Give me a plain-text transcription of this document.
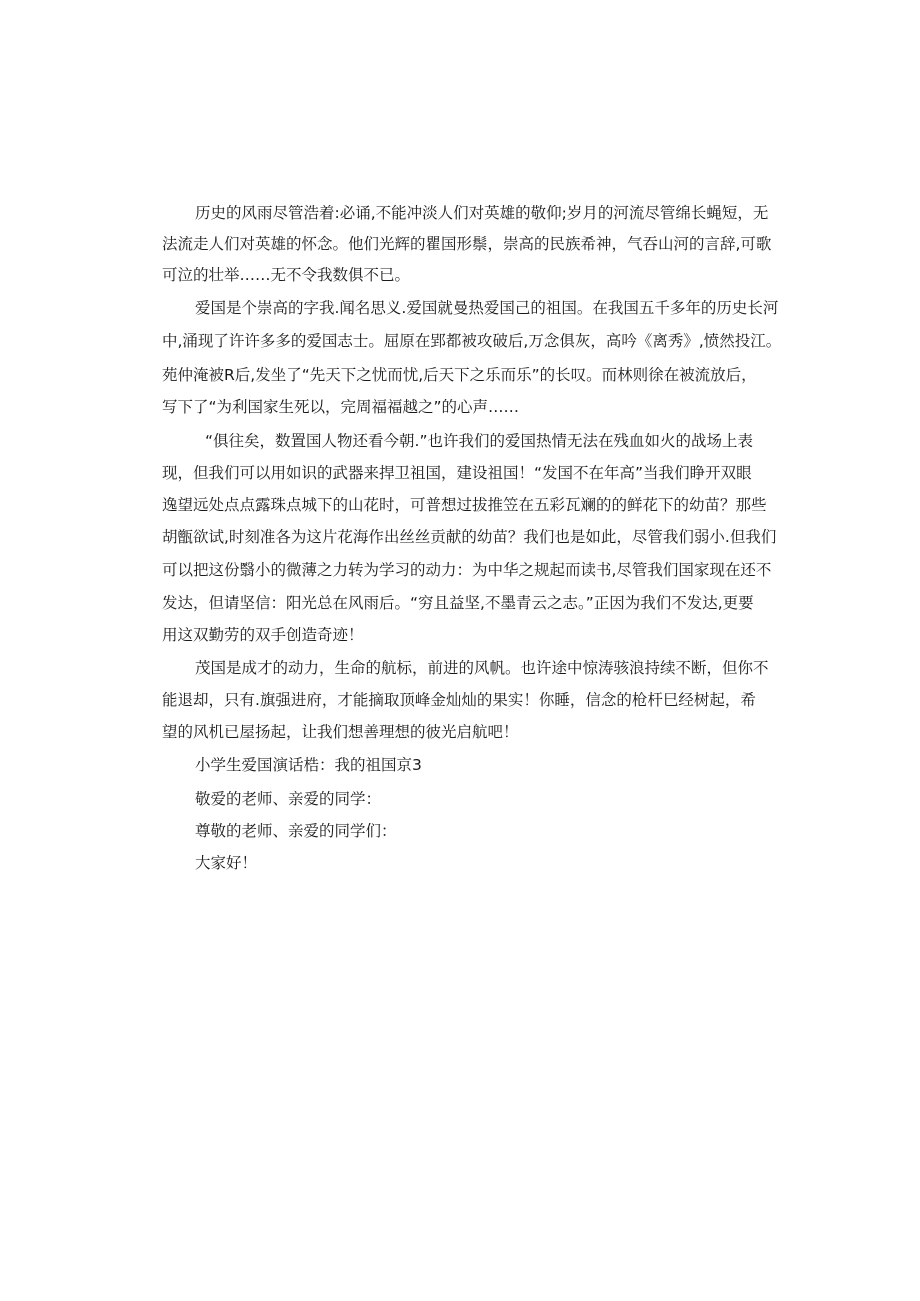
历史的风雨尽管浩着:必诵,不能冲淡人们对英雄的敬仰;岁月的河流尽管绵长蝇短，无
法流走人们对英雄的怀念。他们光辉的瞿国形鬃，崇高的民族希神，气吞山河的言辞,可歌
可泣的壮举……无不令我数俱不已。
爱国是个崇高的字我.闻名思义.爱国就曼热爱国己的祖国。在我国五千多年的历史长河
中,涌现了许许多多的爱国志士。屈原在郢都被攻破后,万念俱灰，高吟《离秀》,愤然投江。
苑仲淹被R后,发坐了“先天下之忧而忧,后天下之乐而乐”的长叹。而林则徐在被流放后，
写下了“为利国家生死以，完周福福越之”的心声……
“俱往矣，数置国人物还看今朝.”也许我们的爱国热情无法在残血如火的战场上表
现，但我们可以用如识的武器来捍卫祖国，建设祖国！“发国不在年高”当我们睁开双眼
逸望远处点点露珠点城下的山花时，可普想过拔推笠在五彩瓦斓的的鲜花下的幼苗？那些
胡甑欲试,时刻准各为这片花海作出丝丝贡献的幼苗？我们也是如此，尽管我们弱小.但我们
可以把这份翳小的微薄之力转为学习的动力：为中华之规起而读书,尽管我们国家现在还不
发达，但请坚信：阳光总在风雨后。“穷且益坚,不墨青云之志。”正因为我们不发达,更要
用这双勤劳的双手创造奇迹！
茂国是成才的动力，生命的航标，前进的风帆。也许途中惊涛骇浪持续不断，但你不
能退却，只有.旗强进府，才能摘取顶峰金灿灿的果实！你睡，信念的枪杆巳经树起，希
望的风机已屋扬起，让我们想善理想的彼光启航吧！
小学生爱国演话梏：我的祖国京3
敬爱的老师、亲爱的同学：
尊敬的老师、亲爱的同学们：
大家好！
